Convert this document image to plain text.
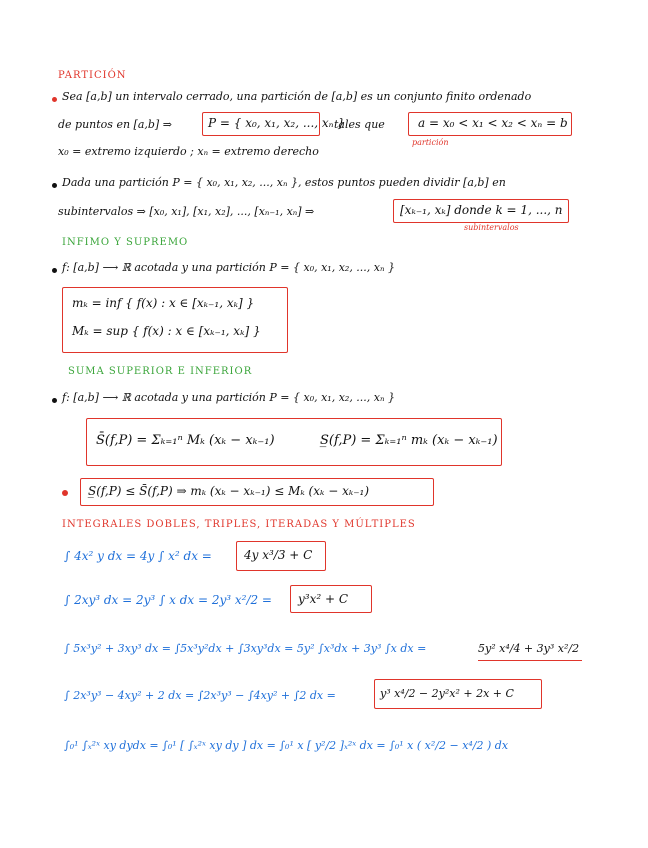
PARTICIÓN
Sea [a,b] un intervalo cerrado, una partición de [a,b] es un conjunto finito ordenado
de puntos en [a,b] ⇒	P = { x₀, x₁, x₂, ..., xₙ }
tales que	a = x₀ < x₁ < x₂ < xₙ = b
partición
x₀ = extremo izquierdo ; xₙ = extremo derecho
Dada una partición P = { x₀, x₁, x₂, ..., xₙ }, estos puntos pueden dividir [a,b] en
subintervalos ⇒ [x₀, x₁], [x₁, x₂], ..., [xₙ₋₁, xₙ] ⇒	[xₖ₋₁, xₖ] donde k = 1, ..., n
subintervalos
INFIMO Y SUPREMO
f: [a,b] ⟶ ℝ acotada y una partición P = { x₀, x₁, x₂, ..., xₙ }
mₖ = inf { f(x) : x ∈ [xₖ₋₁, xₖ] }
Mₖ = sup { f(x) : x ∈ [xₖ₋₁, xₖ] }
SUMA SUPERIOR E INFERIOR
f: [a,b] ⟶ ℝ acotada y una partición P = { x₀, x₁, x₂, ..., xₙ }
S̄(f,P) = Σₖ₌₁ⁿ Mₖ (xₖ − xₖ₋₁)	S̲(f,P) = Σₖ₌₁ⁿ mₖ (xₖ − xₖ₋₁)
S̲(f,P) ≤ S̄(f,P) ⇒ mₖ (xₖ − xₖ₋₁) ≤ Mₖ (xₖ − xₖ₋₁)
INTEGRALES DOBLES, TRIPLES, ITERADAS Y MÚLTIPLES
∫ 4x² y dx = 4y ∫ x² dx =	4y x³/3 + C
∫ 2xy³ dx = 2y³ ∫ x dx = 2y³ x²/2 = y³x² + C
∫ 5x³y² + 3xy³ dx = ∫5x³y²dx + ∫3xy³dx = 5y² ∫x³dx + 3y³ ∫x dx =	5y² x⁴/4 + 3y³ x²/2
∫ 2x³y³ − 4xy² + 2 dx = ∫2x³y³ − ∫4xy² + ∫2 dx =	y³ x⁴/2 − 2y²x² + 2x + C
∫₀¹ ∫ₓ²ˣ xy dydx = ∫₀¹ [ ∫ₓ²ˣ xy dy ] dx = ∫₀¹ x [ y²/2 ]ₓ²ˣ dx = ∫₀¹ x ( x²/2 − x⁴/2 ) dx
